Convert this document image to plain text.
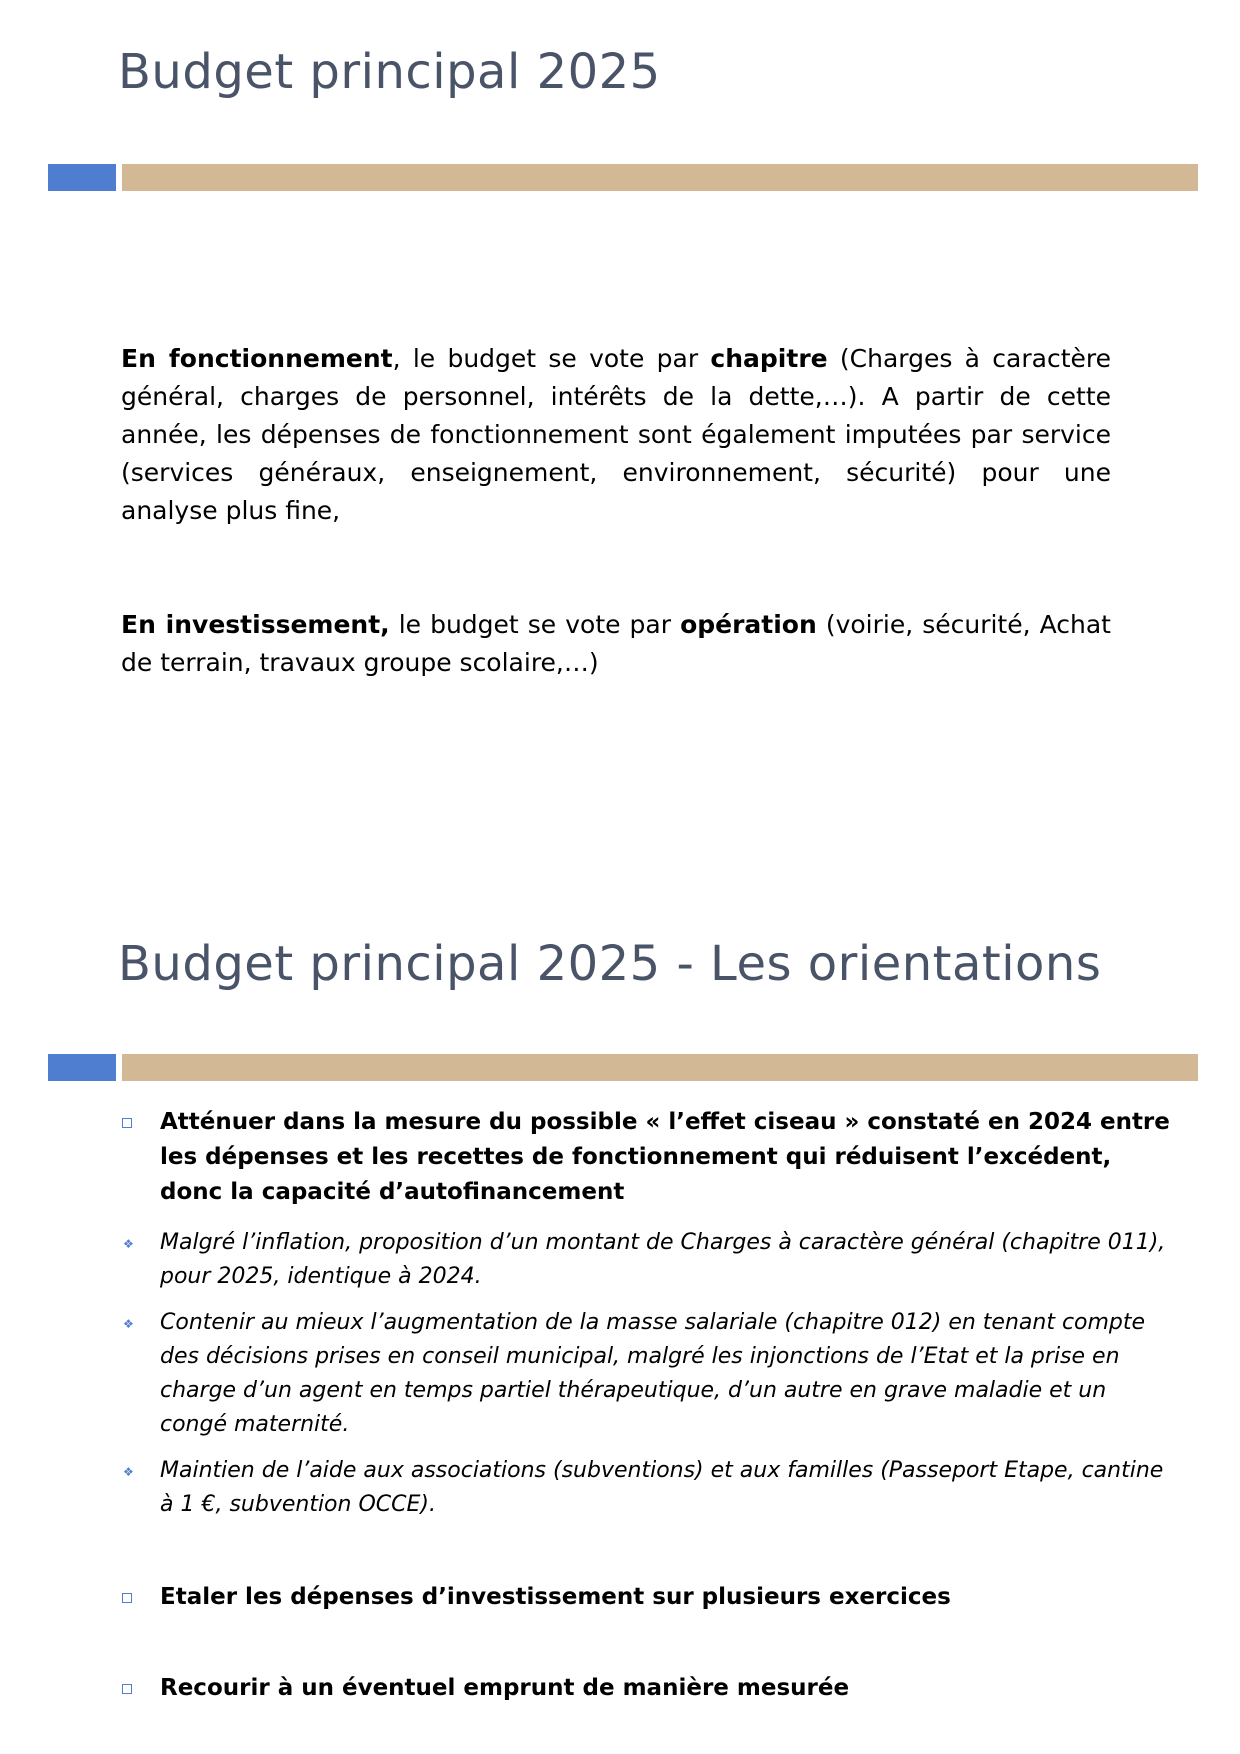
Budget principal 2025

En fonctionnement, le budget se vote par chapitre (Charges à caractère général, charges de personnel, intérêts de la dette,…). A partir de cette année, les dépenses de fonctionnement sont également imputées par service (services généraux, enseignement, environnement, sécurité) pour une analyse plus fine,

En investissement, le budget se vote par opération (voirie, sécurité, Achat de terrain, travaux groupe scolaire,…)

Budget principal 2025 - Les orientations
Atténuer dans la mesure du possible « l’effet ciseau » constaté en 2024 entre les dépenses et les recettes de fonctionnement qui réduisent l’excédent, donc la capacité d’autofinancement
❖ Malgré l’inflation, proposition d’un montant de Charges à caractère général (chapitre 011), pour 2025, identique à 2024.
❖ Contenir au mieux l’augmentation de la masse salariale (chapitre 012) en tenant compte des décisions prises en conseil municipal, malgré les injonctions de l’Etat et la prise en charge d’un agent en temps partiel thérapeutique, d’un autre en grave maladie et un congé maternité.
❖ Maintien de l’aide aux associations (subventions) et aux familles (Passeport Etape, cantine à 1 €, subvention OCCE).
Etaler les dépenses d’investissement sur plusieurs exercices
Recourir à un éventuel emprunt de manière mesurée
